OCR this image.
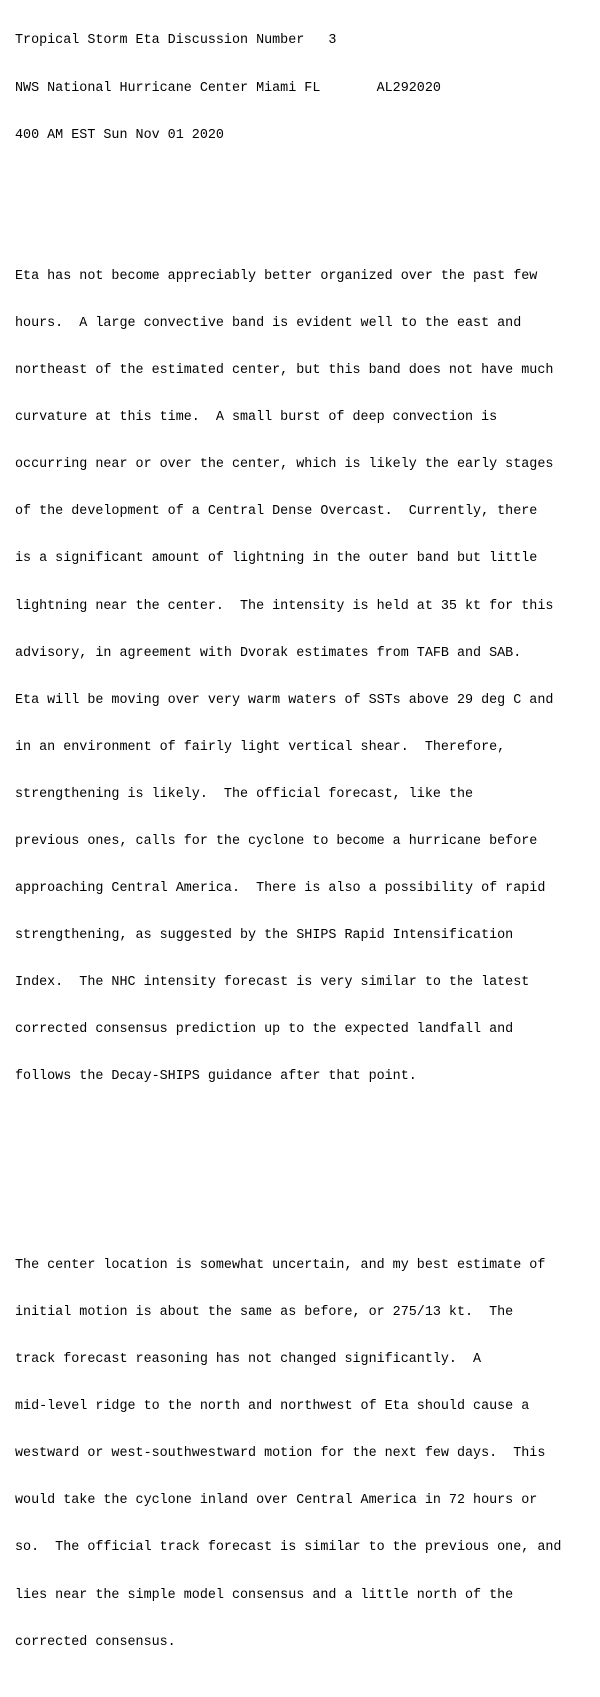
Tropical Storm Eta Discussion Number   3

NWS National Hurricane Center Miami FL       AL292020

400 AM EST Sun Nov 01 2020

Eta has not become appreciably better organized over the past few

hours.  A large convective band is evident well to the east and

northeast of the estimated center, but this band does not have much

curvature at this time.  A small burst of deep convection is

occurring near or over the center, which is likely the early stages

of the development of a Central Dense Overcast.  Currently, there

is a significant amount of lightning in the outer band but little

lightning near the center.  The intensity is held at 35 kt for this

advisory, in agreement with Dvorak estimates from TAFB and SAB.

Eta will be moving over very warm waters of SSTs above 29 deg C and

in an environment of fairly light vertical shear.  Therefore,

strengthening is likely.  The official forecast, like the

previous ones, calls for the cyclone to become a hurricane before

approaching Central America.  There is also a possibility of rapid

strengthening, as suggested by the SHIPS Rapid Intensification

Index.  The NHC intensity forecast is very similar to the latest

corrected consensus prediction up to the expected landfall and

follows the Decay-SHIPS guidance after that point.

The center location is somewhat uncertain, and my best estimate of

initial motion is about the same as before, or 275/13 kt.  The

track forecast reasoning has not changed significantly.  A

mid-level ridge to the north and northwest of Eta should cause a

westward or west-southwestward motion for the next few days.  This

would take the cyclone inland over Central America in 72 hours or

so.  The official track forecast is similar to the previous one, and

lies near the simple model consensus and a little north of the

corrected consensus.
